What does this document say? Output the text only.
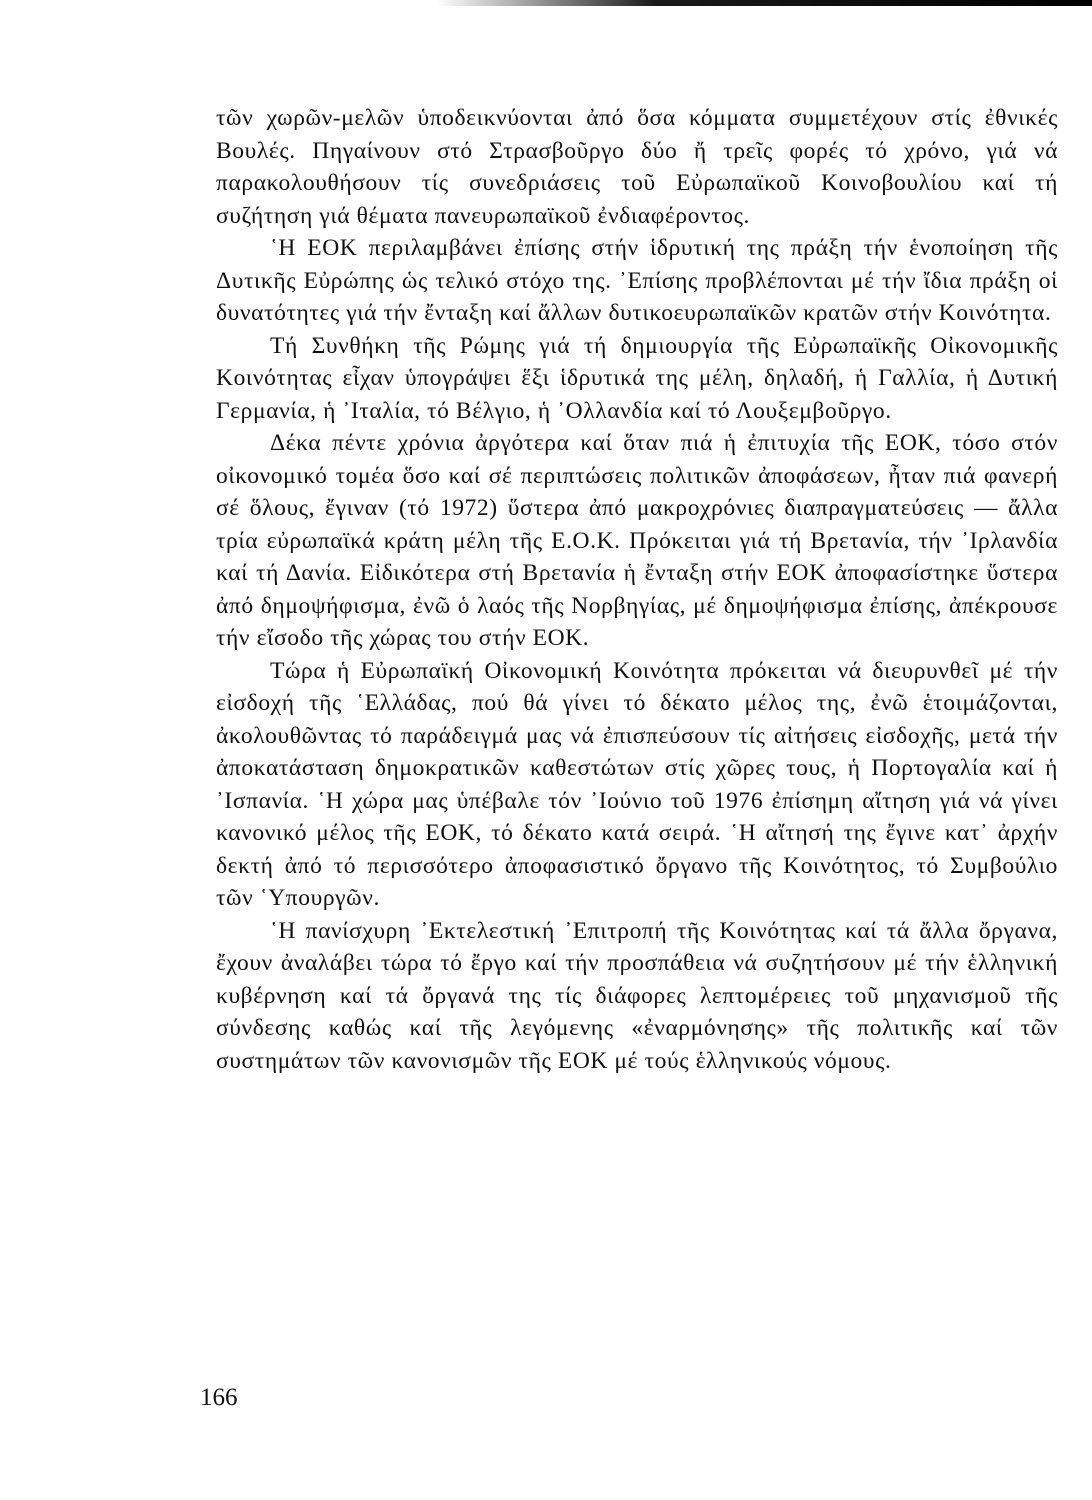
τῶν χωρῶν-μελῶν ὑποδεικνύονται ἀπό ὅσα κόμματα συμμετέχουν στίς ἐθνικές Βουλές. Πηγαίνουν στό Στρασβοῦργο δύο ἤ τρεῖς φορές τό χρόνο, γιά νά παρακολουθήσουν τίς συνεδριάσεις τοῦ Εὐρωπαϊκοῦ Κοινοβουλίου καί τή συζήτηση γιά θέματα πανευρωπαϊκοῦ ἐνδιαφέροντος.

῾Η ΕΟΚ περιλαμβάνει ἐπίσης στήν ἱδρυτική της πράξη τήν ἑνοποίηση τῆς Δυτικῆς Εὐρώπης ὡς τελικό στόχο της. ᾿Επίσης προβλέπονται μέ τήν ἴδια πράξη οἱ δυνατότητες γιά τήν ἔνταξη καί ἄλλων δυτικοευρωπαϊκῶν κρατῶν στήν Κοινότητα.

Τή Συνθήκη τῆς Ρώμης γιά τή δημιουργία τῆς Εὐρωπαϊκῆς Οἰκονομικῆς Κοινότητας εἶχαν ὑπογράψει ἕξι ἱδρυτικά της μέλη, δηλαδή, ἡ Γαλλία, ἡ Δυτική Γερμανία, ἡ ᾿Ιταλία, τό Βέλγιο, ἡ ᾿Ολλανδία καί τό Λουξεμβοῦργο.

Δέκα πέντε χρόνια ἀργότερα καί ὅταν πιά ἡ ἐπιτυχία τῆς ΕΟΚ, τόσο στόν οἰκονομικό τομέα ὅσο καί σέ περιπτώσεις πολιτικῶν ἀποφάσεων, ἦταν πιά φανερή σέ ὅλους, ἔγιναν (τό 1972) ὕστερα ἀπό μακροχρόνιες διαπραγματεύσεις — ἄλλα τρία εὐρωπαϊκά κράτη μέλη τῆς Ε.Ο.Κ. Πρόκειται γιά τή Βρετανία, τήν ᾿Ιρλανδία καί τή Δανία. Εἰδικότερα στή Βρετανία ἡ ἔνταξη στήν ΕΟΚ ἀποφασίστηκε ὕστερα ἀπό δημοψήφισμα, ἐνῶ ὁ λαός τῆς Νορβηγίας, μέ δημοψήφισμα ἐπίσης, ἀπέκρουσε τήν εἴσοδο τῆς χώρας του στήν ΕΟΚ.

Τώρα ἡ Εὐρωπαϊκή Οἰκονομική Κοινότητα πρόκειται νά διευρυνθεῖ μέ τήν εἰσδοχή τῆς ῾Ελλάδας, πού θά γίνει τό δέκατο μέλος της, ἐνῶ ἑτοιμάζονται, ἀκολουθῶντας τό παράδειγμά μας νά ἐπισπεύσουν τίς αἰτήσεις εἰσδοχῆς, μετά τήν ἀποκατάσταση δημοκρατικῶν καθεστώτων στίς χῶρες τους, ἡ Πορτογαλία καί ἡ ᾿Ισπανία. ῾Η χώρα μας ὑπέβαλε τόν ᾿Ιούνιο τοῦ 1976 ἐπίσημη αἴτηση γιά νά γίνει κανονικό μέλος τῆς ΕΟΚ, τό δέκατο κατά σειρά. ῾Η αἴτησή της ἔγινε κατ᾿ ἀρχήν δεκτή ἀπό τό περισσότερο ἀποφασιστικό ὄργανο τῆς Κοινότητος, τό Συμβούλιο τῶν ῾Υπουργῶν.

῾Η πανίσχυρη ᾿Εκτελεστική ᾿Επιτροπή τῆς Κοινότητας καί τά ἄλλα ὄργανα, ἔχουν ἀναλάβει τώρα τό ἔργο καί τήν προσπάθεια νά συζητήσουν μέ τήν ἑλληνική κυβέρνηση καί τά ὄργανά της τίς διάφορες λεπτομέρειες τοῦ μηχανισμοῦ τῆς σύνδεσης καθώς καί τῆς λεγόμενης «ἐναρμόνησης» τῆς πολιτικῆς καί τῶν συστημάτων τῶν κανονισμῶν τῆς ΕΟΚ μέ τούς ἑλληνικούς νόμους.

166
